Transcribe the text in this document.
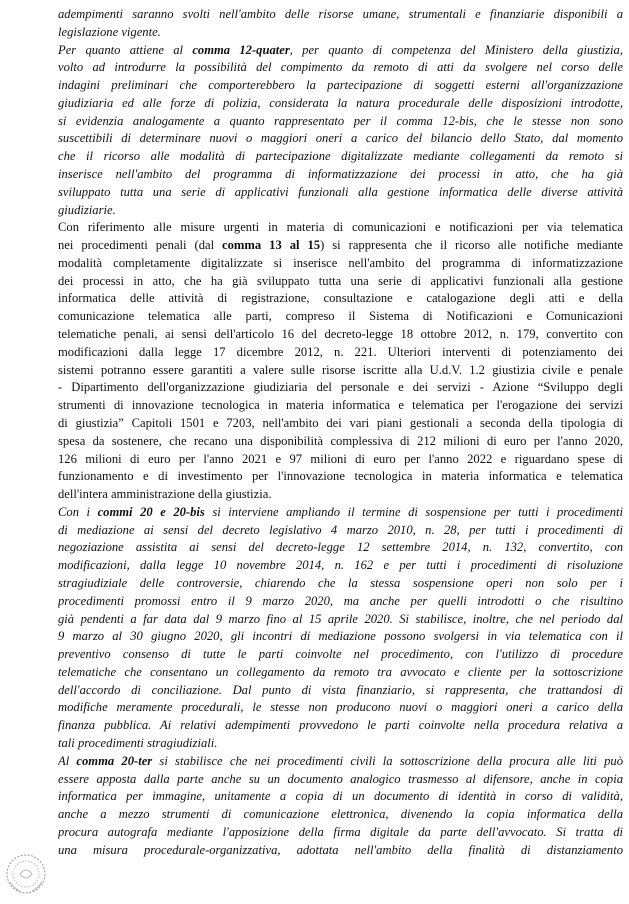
adempimenti saranno svolti nell'ambito delle risorse umane, strumentali e finanziarie disponibili a
legislazione vigente.
Per quanto attiene al comma 12-quater, per quanto di competenza del Ministero della giustizia,
volto ad introdurre la possibilità del compimento da remoto di atti da svolgere nel corso delle
indagini preliminari che comporterebbero la partecipazione di soggetti esterni all'organizzazione
giudiziaria ed alle forze di polizia, considerata la natura procedurale delle disposizioni introdotte,
si evidenzia analogamente a quanto rappresentato per il comma 12-bis, che le stesse non sono
suscettibili di determinare nuovi o maggiori oneri a carico del bilancio dello Stato, dal momento
che il ricorso alle modalità di partecipazione digitalizzate mediante collegamenti da remoto si
inserisce nell'ambito del programma di informatizzazione dei processi in atto, che ha già
sviluppato tutta una serie di applicativi funzionali alla gestione informatica delle diverse attività
giudiziarie.
Con riferimento alle misure urgenti in materia di comunicazioni e notificazioni per via telematica
nei procedimenti penali (dal comma 13 al 15) si rappresenta che il ricorso alle notifiche mediante
modalità completamente digitalizzate si inserisce nell'ambito del programma di informatizzazione
dei processi in atto, che ha già sviluppato tutta una serie di applicativi funzionali alla gestione
informatica delle attività di registrazione, consultazione e catalogazione degli atti e della
comunicazione telematica alle parti, compreso il Sistema di Notificazioni e Comunicazioni
telematiche penali, ai sensi dell'articolo 16 del decreto-legge 18 ottobre 2012, n. 179, convertito con
modificazioni dalla legge 17 dicembre 2012, n. 221. Ulteriori interventi di potenziamento dei
sistemi potranno essere garantiti a valere sulle risorse iscritte alla U.d.V. 1.2 giustizia civile e penale
- Dipartimento dell'organizzazione giudiziaria del personale e dei servizi - Azione “Sviluppo degli
strumenti di innovazione tecnologica in materia informatica e telematica per l'erogazione dei servizi
di giustizia” Capitoli 1501 e 7203, nell'ambito dei vari piani gestionali a seconda della tipologia di
spesa da sostenere, che recano una disponibilità complessiva di 212 milioni di euro per l'anno 2020,
126 milioni di euro per l'anno 2021 e 97 milioni di euro per l'anno 2022 e riguardano spese di
funzionamento e di investimento per l'innovazione tecnologica in materia informatica e telematica
dell'intera amministrazione della giustizia.
Con i commi 20 e 20-bis si interviene ampliando il termine di sospensione per tutti i procedimenti
di mediazione ai sensi del decreto legislativo 4 marzo 2010, n. 28, per tutti i procedimenti di
negoziazione assistita ai sensi del decreto-legge 12 settembre 2014, n. 132, convertito, con
modificazioni, dalla legge 10 novembre 2014, n. 162 e per tutti i procedimenti di risoluzione
stragiudiziale delle controversie, chiarendo che la stessa sospensione operi non solo per i
procedimenti promossi entro il 9 marzo 2020, ma anche per quelli introdotti o che risultino
già pendenti a far data dal 9 marzo fino al 15 aprile 2020. Si stabilisce, inoltre, che nel periodo dal
9 marzo al 30 giugno 2020, gli incontri di mediazione possono svolgersi in via telematica con il
preventivo consenso di tutte le parti coinvolte nel procedimento, con l'utilizzo di procedure
telematiche che consentano un collegamento da remoto tra avvocato e cliente per la sottoscrizione
dell'accordo di conciliazione. Dal punto di vista finanziario, si rappresenta, che trattandosi di
modifiche meramente procedurali, le stesse non producono nuovi o maggiori oneri a carico della
finanza pubblica. Ai relativi adempimenti provvedono le parti coinvolte nella procedura relativa a
tali procedimenti stragiudiziali.
Al comma 20-ter si stabilisce che nei procedimenti civili la sottoscrizione della procura alle liti può
essere apposta dalla parte anche su un documento analogico trasmesso al difensore, anche in copia
informatica per immagine, unitamente a copia di un documento di identità in corso di validità,
anche a mezzo strumenti di comunicazione elettronica, divenendo la copia informatica della
procura autografa mediante l'apposizione della firma digitale da parte dell'avvocato. Si tratta di
una misura procedurale-organizzativa, adottata nell'ambito della finalità di distanziamento
